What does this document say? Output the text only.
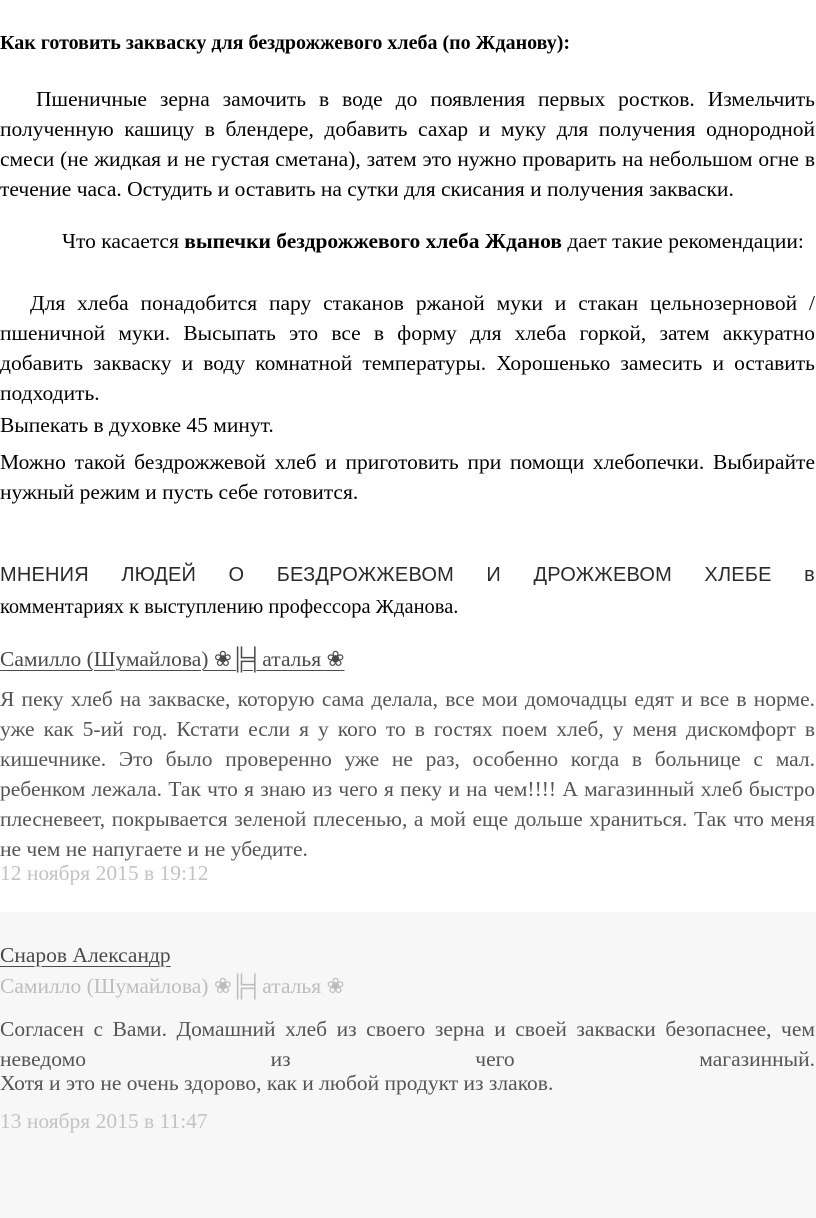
Как готовить закваску для бездрожжевого хлеба (по Жданову):

Пшеничные зерна замочить в воде до появления первых ростков. Измельчить полученную кашицу в блендере, добавить сахар и муку для получения однородной смеси (не жидкая и не густая сметана), затем это нужно проварить на небольшом огне в течение часа. Остудить и оставить на сутки для скисания и получения закваски.

Что касается выпечки бездрожжевого хлеба Жданов дает такие рекомендации:

Для хлеба понадобится пару стаканов ржаной муки и стакан цельнозерновой /пшеничной муки. Высыпать это все в форму для хлеба горкой, затем аккуратно добавить закваску и воду комнатной температуры. Хорошенько замесить и оставить подходить.

Выпекать в духовке 45 минут.

Можно такой бездрожжевой хлеб и приготовить при помощи хлебопечки. Выбирайте нужный режим и пусть себе готовится.

МНЕНИЯ ЛЮДЕЙ О БЕЗДРОЖЖЕВОМ И ДРОЖЖЕВОМ ХЛЕБЕ в

комментариях к выступлению профессора Жданова.

Самилло (Шумайлова) ❀╠╡аталья ❀

Я пеку хлеб на закваске, которую сама делала, все мои домочадцы едят и все в норме. уже как 5-ий год. Кстати если я у кого то в гостях поем хлеб, у меня дискомфорт в кишечнике. Это было проверенно уже не раз, особенно когда в больнице с мал. ребенком лежала. Так что я знаю из чего я пеку и на чем!!!! А магазинный хлеб быстро плесневеет, покрывается зеленой плесенью, а мой еще дольше храниться. Так что меня не чем не напугаете и не убедите.

12 ноября 2015 в 19:12

Снаров Александр

Самилло (Шумайлова) ❀╠╡аталья ❀

Согласен с Вами. Домашний хлеб из своего зерна и своей закваски безопаснее, чем неведомо из чего магазинный.

Хотя и это не очень здорово, как и любой продукт из злаков.

13 ноября 2015 в 11:47
